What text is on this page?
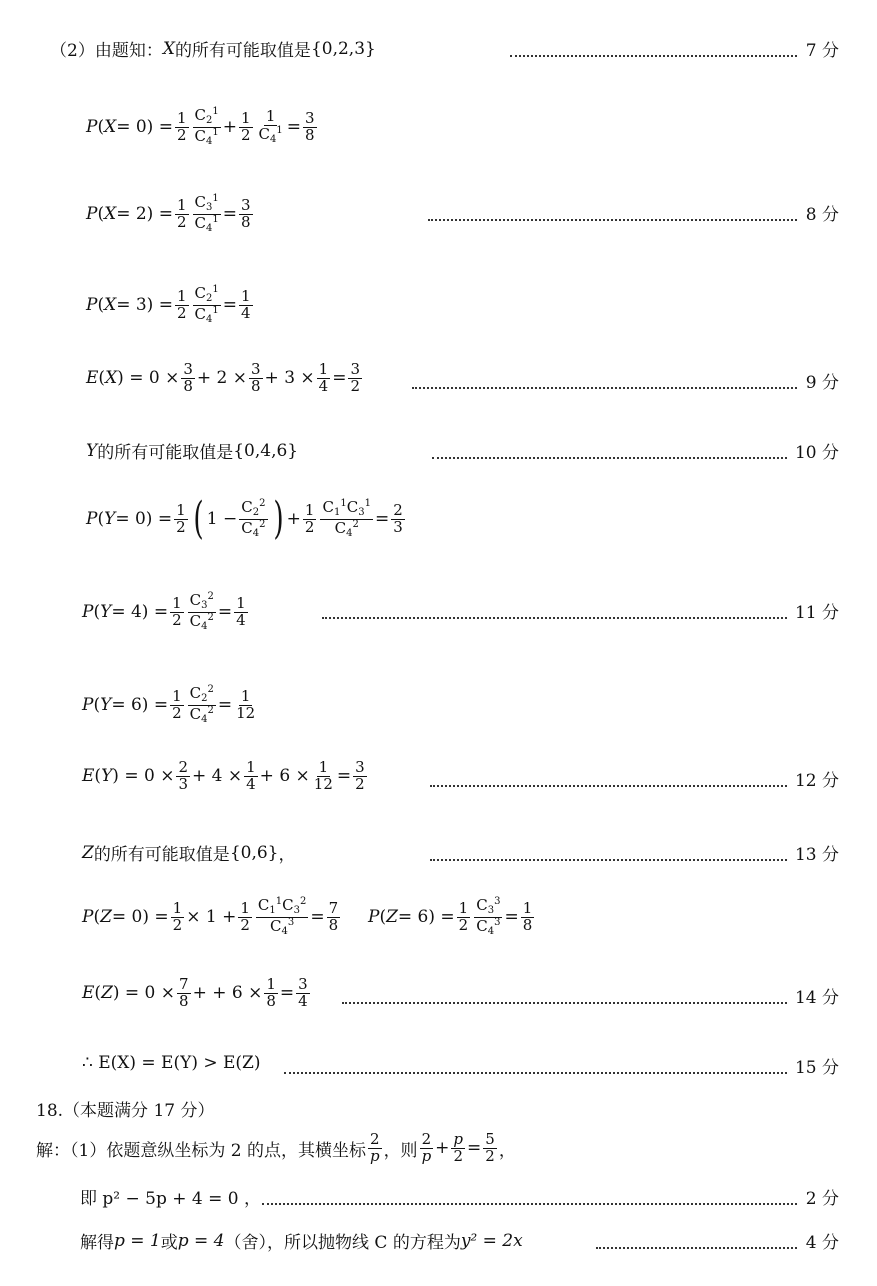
（2）由题知： X 的所有可能取值是 {0,2,3}	7 分
P ( $X = 0) = \frac{1}{2} \frac{C_2^1}{C_4^1} + \frac{1}{2} \frac{1}{C_4^1} = \frac{3}{8}$
P ( $X = 2) = \frac{1}{2} \frac{C_3^1}{C_4^1} = \frac{3}{8}$	8 分
P ( $X = 3) = \frac{1}{2} \frac{C_2^1}{C_4^1} = \frac{1}{4}$
E ( X ) = $0 \times \frac{3}{8} + 2 \times \frac{3}{8} + 3 \times \frac{1}{4} = \frac{3}{2}$	9 分
Y 的所有可能取值是 {0,4,6}	10 分
P ( $Y = 0) = \frac{1}{2}$ ( $1 - \frac{C_2^2}{C_4^2}$ ) + $\frac{1}{2} \frac{C_1^1C_3^1}{C_4^2} = \frac{2}{3}$
P ( $Y = 4) = \frac{1}{2} \frac{C_3^2}{C_4^2} = \frac{1}{4}$	11 分
P ( $Y = 6) = \frac{1}{2} \frac{C_2^2}{C_4^2} = \frac{1}{12}$
E ( Y ) = $0 \times \frac{2}{3} + 4 \times \frac{1}{4} + 6 \times \frac{1}{12} = \frac{3}{2}$	12 分
Z 的所有可能取值是 {0,6} ，	13 分
P ( $Z = 0) = \frac{1}{2} \times 1 + \frac{1}{2} \frac{C_1^1C_3^2}{C_4^3} = \frac{7}{8}$ P ( $Z = 6) = \frac{1}{2} \frac{C_3^3}{C_4^3} = \frac{1}{8}$
E ( Z ) = $0 \times \frac{7}{8}$ + + $6 \times \frac{1}{8} = \frac{3}{4}$	14 分
∴ E(X) = E(Y) > E(Z)	15 分
18.（本题满分 17 分）
解：（1）依题意纵坐标为 2 的点，其横坐标 $\frac{2}{p}$ ，则 $\frac{2}{p} + \frac{p}{2} = \frac{5}{2}$ ，
即 p² − 5p + 4 = 0 ，	2 分
解得 p = 1 或 p = 4 （舍），所以抛物线 C 的方程为 y² = 2x	4 分
